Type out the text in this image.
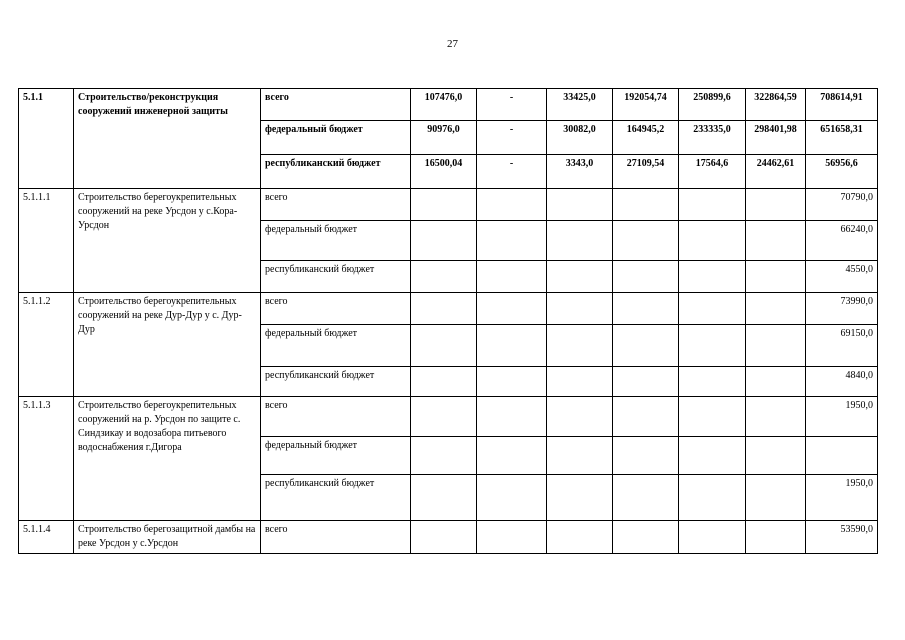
27
5.1.1	Строительство/реконструкция сооружений инженерной защиты	всего	107476,0	-	33425,0	192054,74	250899,6	322864,59	708614,91
		федеральный бюджет	90976,0	-	30082,0	164945,2	233335,0	298401,98	651658,31
		республиканский бюджет	16500,04	-	3343,0	27109,54	17564,6	24462,61	56956,6
5.1.1.1	Строительство берегоукрепительных сооружений на реке Урсдон у с.Кора-Урсдон	всего							70790,0
		федеральный бюджет							66240,0
		республиканский бюджет							4550,0
5.1.1.2	Строительство берегоукрепительных сооружений на реке Дур-Дур у с. Дур-Дур	всего							73990,0
		федеральный бюджет							69150,0
		республиканский бюджет							4840,0
5.1.1.3	Строительство берегоукрепительных сооружений на р. Урсдон по защите с. Синдзикау и водозабора питьевого водоснабжения г.Дигора	всего							1950,0
		федеральный бюджет							
		республиканский бюджет							1950,0
5.1.1.4	Строительство берегозащитной дамбы на реке Урсдон у с.Урсдон	всего							53590,0
